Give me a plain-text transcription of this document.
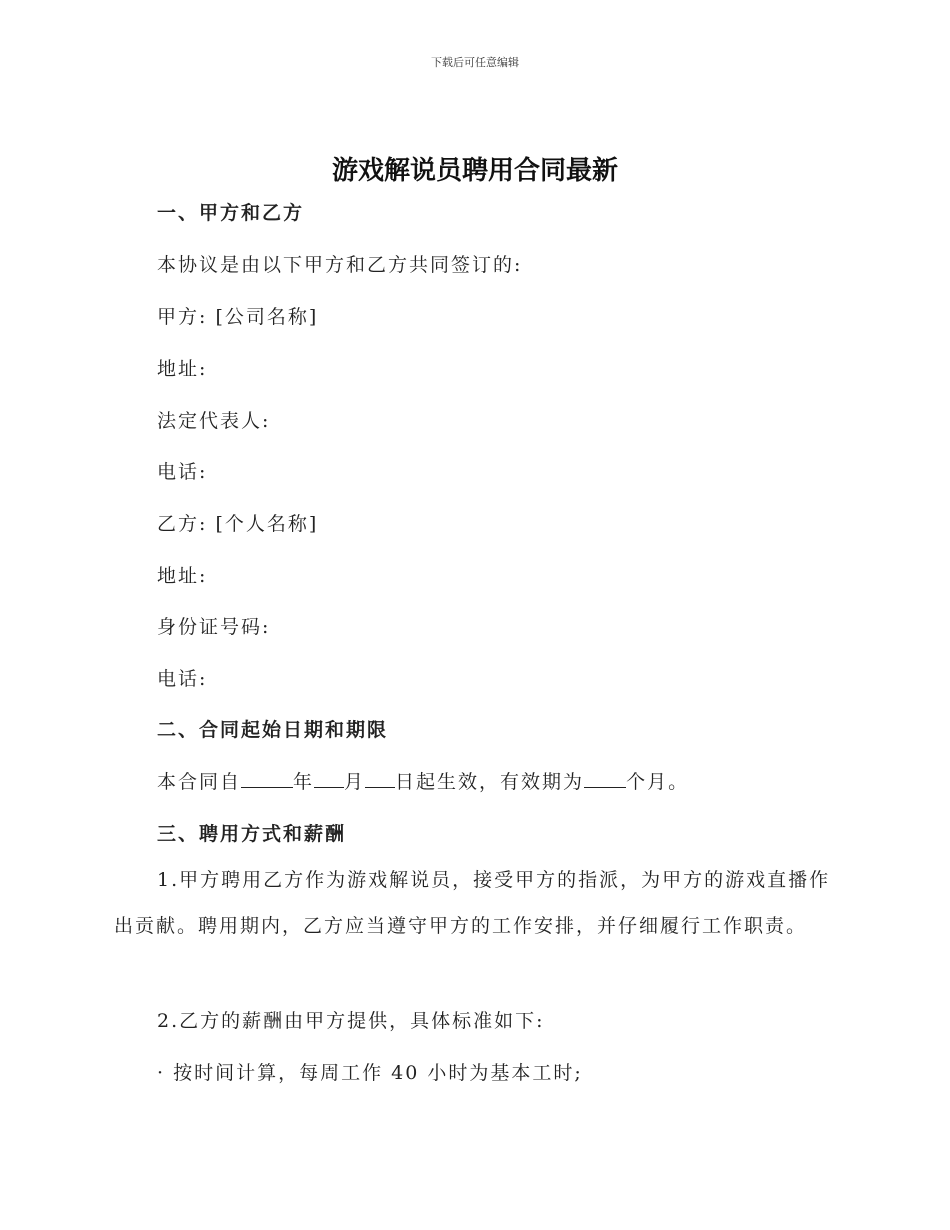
下载后可任意编辑
游戏解说员聘用合同最新
一、甲方和乙方
本协议是由以下甲方和乙方共同签订的:
甲方: [公司名称]
地址:
法定代表人:
电话:
乙方: [个人名称]
地址:
身份证号码:
电话:
二、合同起始日期和期限
本合同自	年 月 日起生效，有效期为 个月。
三、聘用方式和薪酬
1.甲方聘用乙方作为游戏解说员，接受甲方的指派，为甲方的游戏直播作出贡献。聘用期内，乙方应当遵守甲方的工作安排，并仔细履行工作职责。
2.乙方的薪酬由甲方提供，具体标准如下:
· 按时间计算，每周工作 40 小时为基本工时;
